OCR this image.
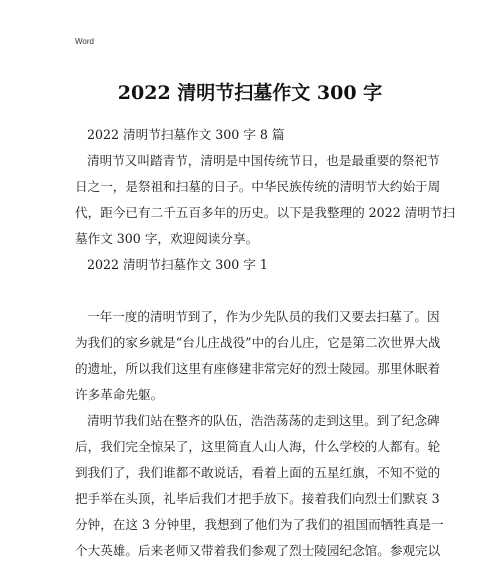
Word
2022 清明节扫墓作文 300 字

2022 清明节扫墓作文 300 字 8 篇

清明节又叫踏青节，清明是中国传统节日，也是最重要的祭祀节

日之一，是祭祖和扫墓的日子。中华民族传统的清明节大约始于周

代，距今已有二千五百多年的历史。以下是我整理的 2022 清明节扫

墓作文 300 字，欢迎阅读分享。

2022 清明节扫墓作文 300 字 1

一年一度的清明节到了，作为少先队员的我们又要去扫墓了。因

为我们的家乡就是“台儿庄战役”中的台儿庄，它是第二次世界大战

的遗址，所以我们这里有座修建非常完好的烈士陵园。那里休眠着

许多革命先躯。

清明节我们站在整齐的队伍，浩浩荡荡的走到这里。到了纪念碑

后，我们完全惊呆了，这里简直人山人海，什么学校的人都有。轮

到我们了，我们谁都不敢说话，看着上面的五星红旗，不知不觉的

把手举在头顶，礼毕后我们才把手放下。接着我们向烈士们默哀 3

分钟，在这 3 分钟里，我想到了他们为了我们的祖国而牺牲真是一

个大英雄。后来老师又带着我们参观了烈士陵园纪念馆。参观完以
